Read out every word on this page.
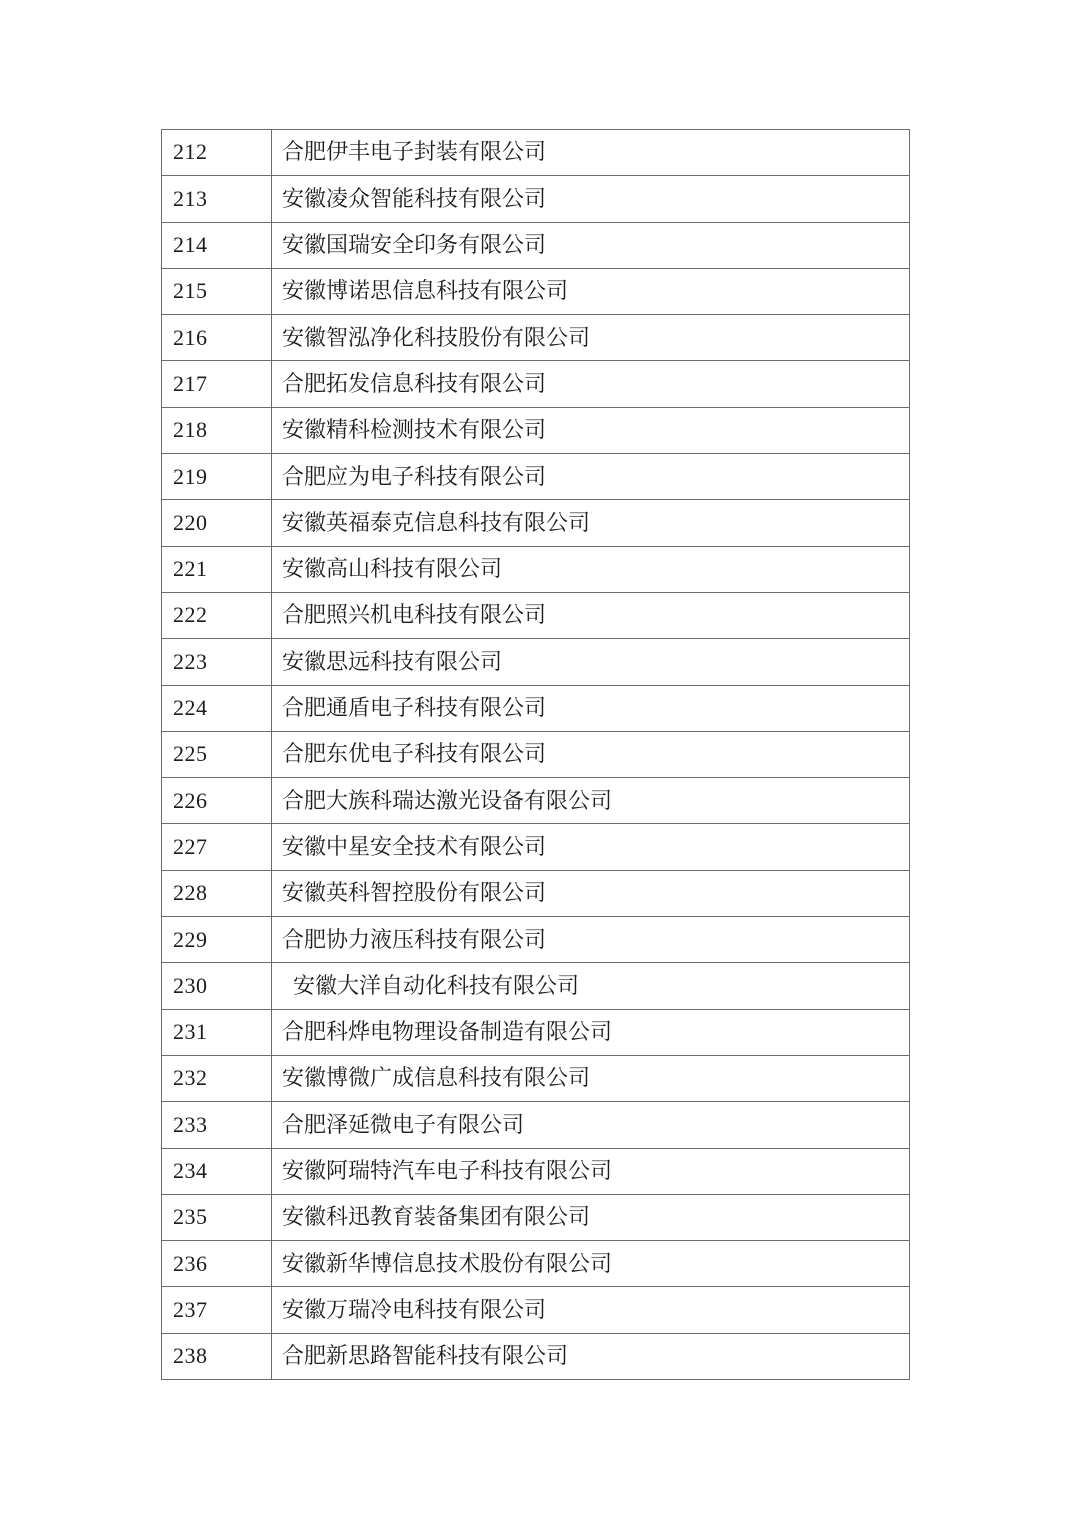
212	合肥伊丰电子封装有限公司
213	安徽凌众智能科技有限公司
214	安徽国瑞安全印务有限公司
215	安徽博诺思信息科技有限公司
216	安徽智泓净化科技股份有限公司
217	合肥拓发信息科技有限公司
218	安徽精科检测技术有限公司
219	合肥应为电子科技有限公司
220	安徽英福泰克信息科技有限公司
221	安徽高山科技有限公司
222	合肥照兴机电科技有限公司
223	安徽思远科技有限公司
224	合肥通盾电子科技有限公司
225	合肥东优电子科技有限公司
226	合肥大族科瑞达激光设备有限公司
227	安徽中星安全技术有限公司
228	安徽英科智控股份有限公司
229	合肥协力液压科技有限公司
230	安徽大洋自动化科技有限公司
231	合肥科烨电物理设备制造有限公司
232	安徽博微广成信息科技有限公司
233	合肥泽延微电子有限公司
234	安徽阿瑞特汽车电子科技有限公司
235	安徽科迅教育装备集团有限公司
236	安徽新华博信息技术股份有限公司
237	安徽万瑞冷电科技有限公司
238	合肥新思路智能科技有限公司
